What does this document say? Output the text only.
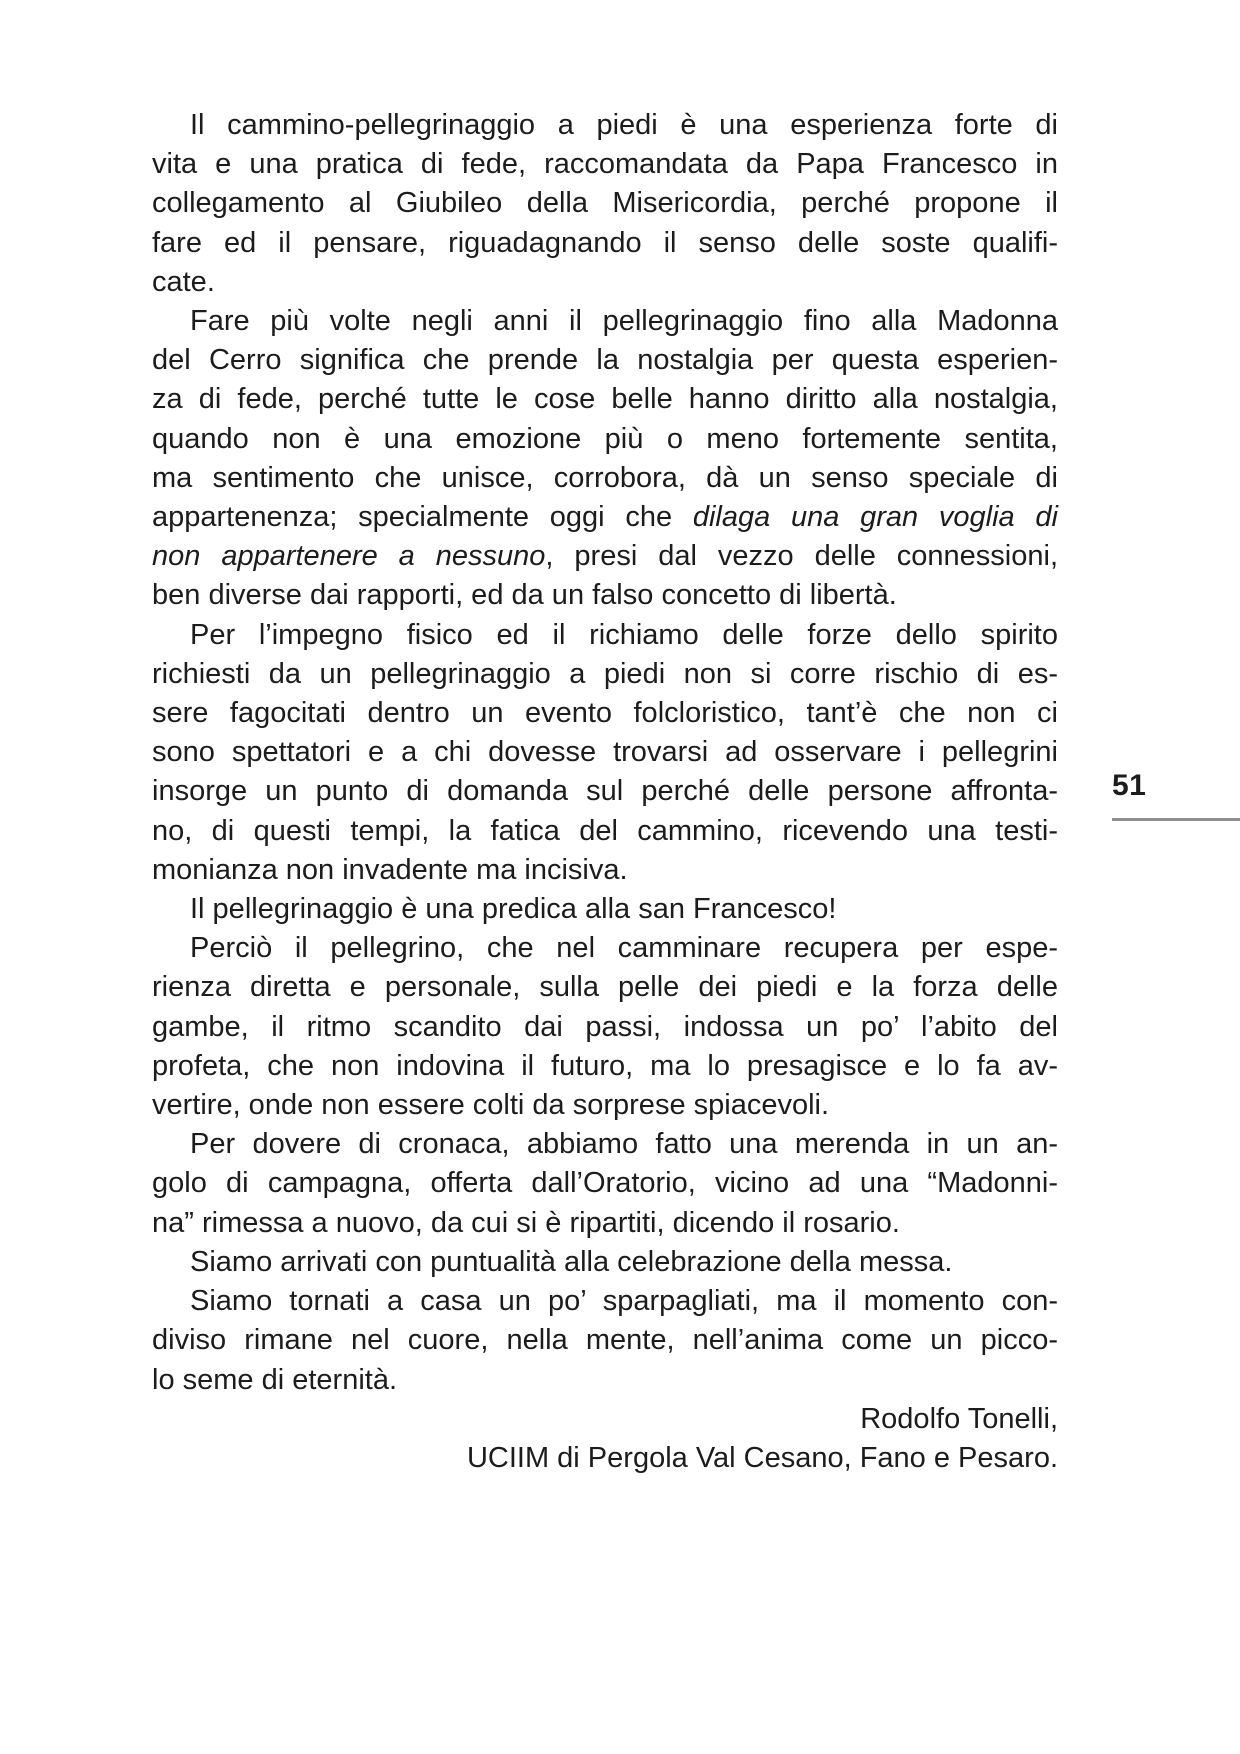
Il cammino-pellegrinaggio a piedi è una esperienza forte di
vita e una pratica di fede, raccomandata da Papa Francesco in
collegamento al Giubileo della Misericordia, perché propone il
fare ed il pensare, riguadagnando il senso delle soste qualifi-
cate.
Fare più volte negli anni il pellegrinaggio fino alla Madonna
del Cerro significa che prende la nostalgia per questa esperien-
za di fede, perché tutte le cose belle hanno diritto alla nostalgia,
quando non è una emozione più o meno fortemente sentita,
ma sentimento che unisce, corrobora, dà un senso speciale di
appartenenza; specialmente oggi che dilaga una gran voglia di
non appartenere a nessuno, presi dal vezzo delle connessioni,
ben diverse dai rapporti, ed da un falso concetto di libertà.
Per l’impegno fisico ed il richiamo delle forze dello spirito
richiesti da un pellegrinaggio a piedi non si corre rischio di es-
sere fagocitati dentro un evento folcloristico, tant’è che non ci
sono spettatori e a chi dovesse trovarsi ad osservare i pellegrini
insorge un punto di domanda sul perché delle persone affronta-
no, di questi tempi, la fatica del cammino, ricevendo una testi-
monianza non invadente ma incisiva.
Il pellegrinaggio è una predica alla san Francesco!
Perciò il pellegrino, che nel camminare recupera per espe-
rienza diretta e personale, sulla pelle dei piedi e la forza delle
gambe, il ritmo scandito dai passi, indossa un po’ l’abito del
profeta, che non indovina il futuro, ma lo presagisce e lo fa av-
vertire, onde non essere colti da sorprese spiacevoli.
Per dovere di cronaca, abbiamo fatto una merenda in un an-
golo di campagna, offerta dall’Oratorio, vicino ad una “Madonni-
na” rimessa a nuovo, da cui si è ripartiti, dicendo il rosario.
Siamo arrivati con puntualità alla celebrazione della messa.
Siamo tornati a casa un po’ sparpagliati, ma il momento con-
diviso rimane nel cuore, nella mente, nell’anima come un picco-
lo seme di eternità.
Rodolfo Tonelli,
UCIIM di Pergola Val Cesano, Fano e Pesaro.
51
